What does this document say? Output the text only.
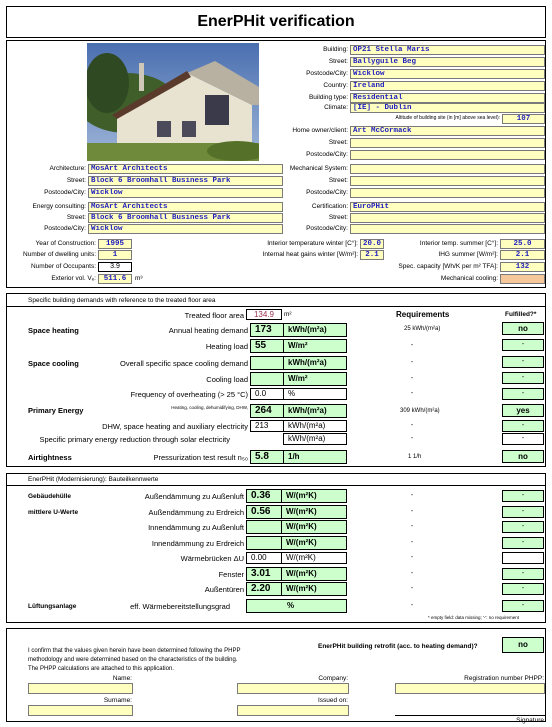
EnerPHit verification
Building: OP21 Stella Maris
Street: Ballyguile Beg
Postcode/City: Wicklow
Country: Ireland
Building type: Residential
Climate: [IE] - Dublin
Altitude of building site (in [m] above sea level):	107
Home owner/client: Art McCormack
Street:
Postcode/City:
Architecture: MosArt Architects
Street: Block 6 Broomhall Business Park
Postcode/City: Wicklow
Mechanical System:
Street:
Postcode/City:
Energy consulting: MosArt Architects
Street: Block 6 Broomhall Business Park
Postcode/City: Wicklow
Certification: EuroPHit
Street:
Postcode/City:
Year of Construction:	1995
Number of dwelling units:	1
Number of Occupants:	3.9
Exterior vol. Vₑ:	511.6	m³
Interior temperature winter [C°]: 20.0
Internal heat gains winter [W/m²]: 2.1
Interior temp. summer [C°]:	25.0
IHG summer [W/m²]:	2.1
Spec. capacity [Wh/K per m² TFA]:	132
Mechanical cooling:
Specific building demands with reference to the treated floor area
Treated floor area	134.9	m²	Requirements	Fulfilled?*
Space heating	Annual heating demand 173	kWh/(m²a)	25 kWh/(m²a)	no
Heating load 55	W/m²	-	-
Space cooling	Overall specific space cooling demand	kWh/(m²a)	-	-
Cooling load	W/m²	-	-
Frequency of overheating (> 25 °C) 0.0	%	-	-
Primary Energy	Heating, cooling, dehumidifying, DHW, 264	kWh/(m²a)	309 kWh/(m²a)	yes
DHW, space heating and auxiliary electricity 213	kWh/(m²a)	-	-
Specific primary energy reduction through solar electricity	kWh/(m²a)	-	-
Airtightness	Pressurization test result n₅₀ 5.8	1/h	1 1/h	no
EnerPHit (Modernisierung): Bauteilkennwerte
Gebäudehülle
mittlere U-Werte
Lüftungsanlage
Außendämmung zu Außenluft 0.36	W/(m²K)	-	-
Außendämmung zu Erdreich 0.56	W/(m²K)	-	-
Innendämmung zu Außenluft	W/(m²K)	-	-
Innendämmung zu Erdreich	W/(m²K)	-	-
Wärmebrücken ΔU 0.00	W/(m²K)	-
Fenster 3.01	W/(m²K)	-	-
Außentüren 2.20	W/(m²K)	-	-
eff. Wärmebereitstellungsgrad	%	-	-
* empty field: data missing; '-': no requirement
I confirm that the values given herein have been determined following the PHPP
methodology and were determined based on the characteristics of the building.
The PHPP calculations are attached to this application.
EnerPHit building retrofit (acc. to heating demand)?	no
Name:	Company:	Registration number PHPP:
Surname:	Issued on:
Signature
